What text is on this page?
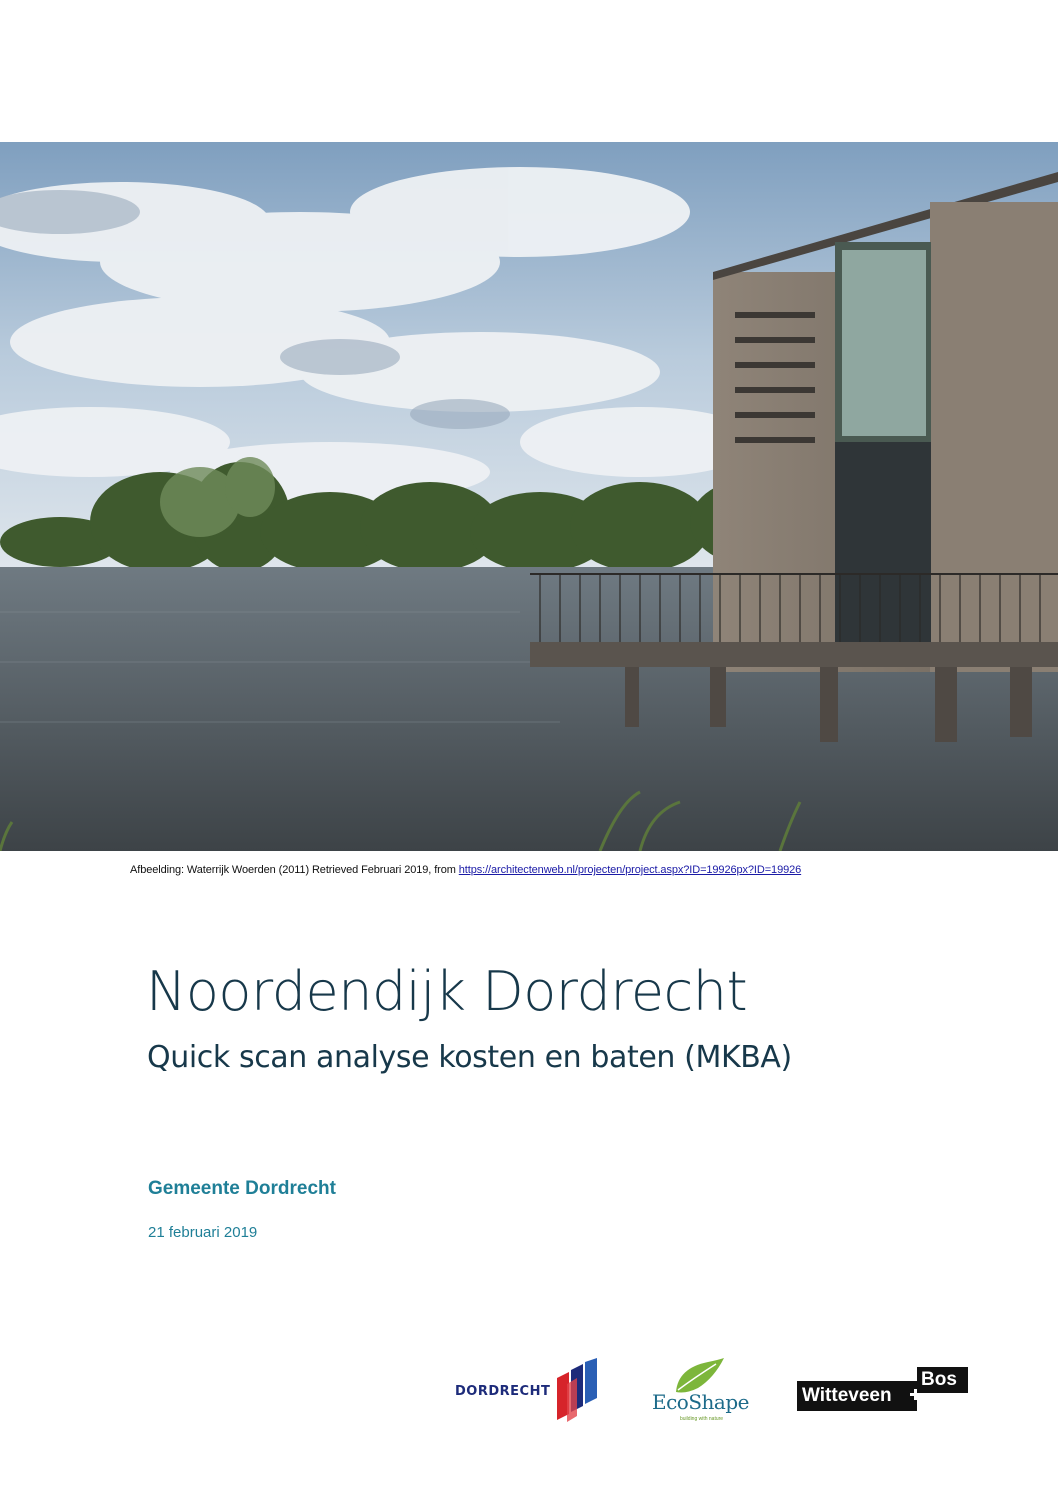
Afbeelding: Waterrijk Woerden (2011) Retrieved Februari 2019, from https://architectenweb.nl/projecten/project.aspx?ID=19926px?ID=19926
Noordendijk Dordrecht
Quick scan analyse kosten en baten (MKBA)
Gemeente Dordrecht
21 februari 2019
DORDRECHT	EcoShape
building with nature
Witteveen
Bos
